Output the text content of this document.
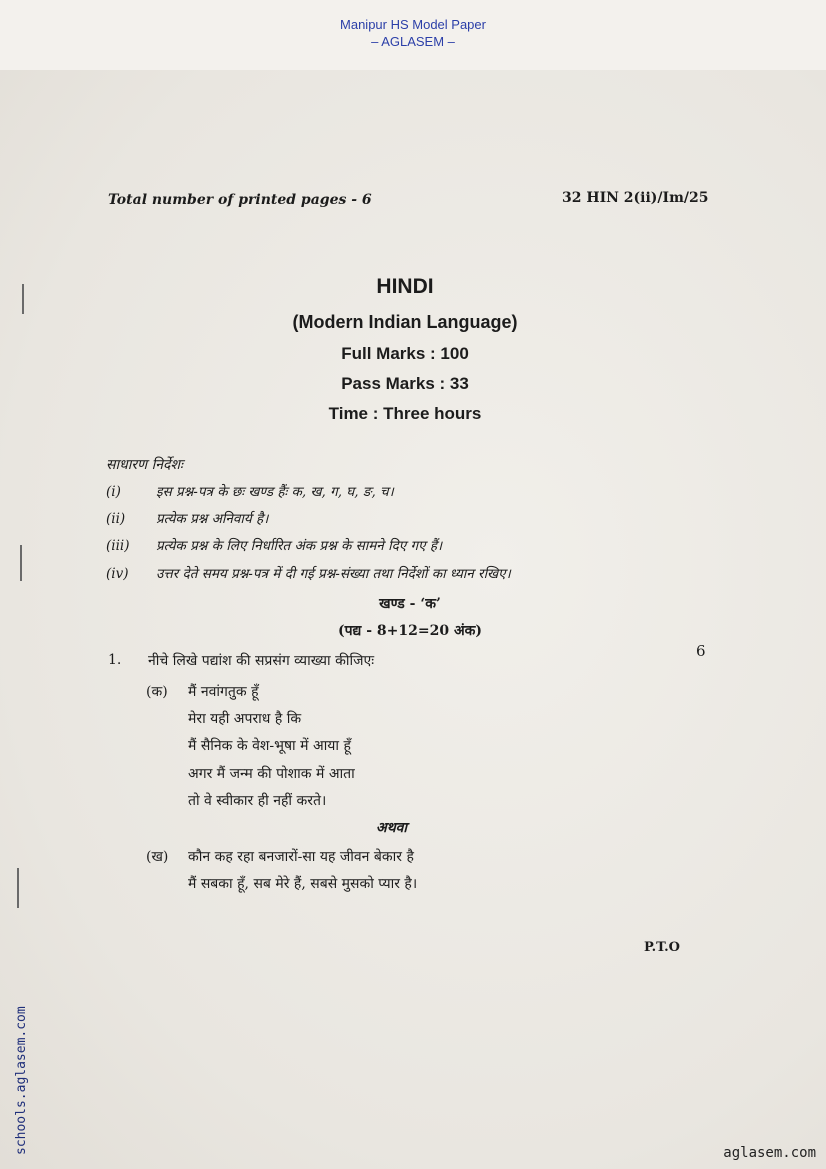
Manipur HS Model Paper
– AGLASEM –
Total number of printed pages - 6	32 HIN 2(ii)/Im/25
HINDI
(Modern Indian Language)
Full Marks : 100
Pass Marks : 33
Time : Three hours
साधारण निर्देशः
(i)	इस प्रश्न-पत्र के छः खण्ड हैंः क, ख, ग, घ, ङ, च।
(ii) प्रत्येक प्रश्न अनिवार्य है।
(iii) प्रत्येक प्रश्न के लिए निर्धारित अंक प्रश्न के सामने दिए गए हैं।
(iv) उत्तर देते समय प्रश्न-पत्र में दी गई प्रश्न-संख्या तथा निर्देशों का ध्यान रखिए।
खण्ड - ‘क’
(पद्य - 8+12=20 अंक)
1. नीचे लिखे पद्यांश की सप्रसंग व्याख्या कीजिएः
6
(क) मैं नवांगतुक हूँ
मेरा यही अपराध है कि
मैं सैनिक के वेश-भूषा में आया हूँ
अगर मैं जन्म की पोशाक में आता
तो वे स्वीकार ही नहीं करते।
अथवा
(ख) कौन कह रहा बनजारों-सा यह जीवन बेकार है
मैं सबका हूँ, सब मेरे हैं, सबसे मुसको प्यार है।
P.T.O
schools.aglasem.com	aglasem.com
